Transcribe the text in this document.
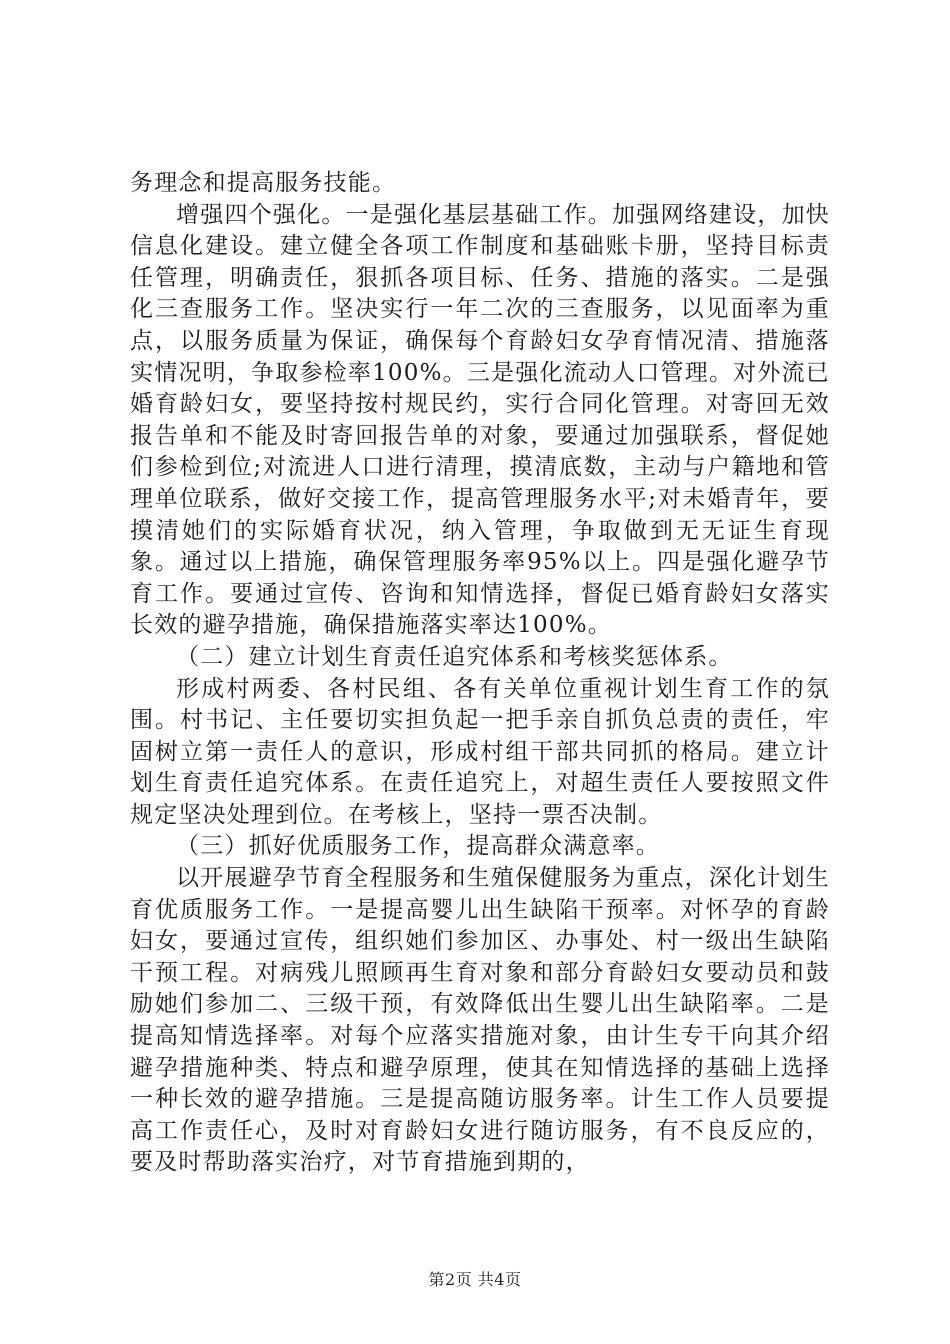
务理念和提高服务技能。

增强四个强化。一是强化基层基础工作。加强网络建设，加快信息化建设。建立健全各项工作制度和基础账卡册，坚持目标责任管理，明确责任，狠抓各项目标、任务、措施的落实。二是强化三查服务工作。坚决实行一年二次的三查服务，以见面率为重点，以服务质量为保证，确保每个育龄妇女孕育情况清、措施落实情况明，争取参检率100%。三是强化流动人口管理。对外流已婚育龄妇女，要坚持按村规民约，实行合同化管理。对寄回无效报告单和不能及时寄回报告单的对象，要通过加强联系，督促她们参检到位;对流进人口进行清理，摸清底数，主动与户籍地和管理单位联系，做好交接工作，提高管理服务水平;对未婚青年，要摸清她们的实际婚育状况，纳入管理，争取做到无无证生育现象。通过以上措施，确保管理服务率95%以上。四是强化避孕节育工作。要通过宣传、咨询和知情选择，督促已婚育龄妇女落实长效的避孕措施，确保措施落实率达100%。

（二）建立计划生育责任追究体系和考核奖惩体系。

形成村两委、各村民组、各有关单位重视计划生育工作的氛围。村书记、主任要切实担负起一把手亲自抓负总责的责任，牢固树立第一责任人的意识，形成村组干部共同抓的格局。建立计划生育责任追究体系。在责任追究上，对超生责任人要按照文件规定坚决处理到位。在考核上，坚持一票否决制。

（三）抓好优质服务工作，提高群众满意率。

以开展避孕节育全程服务和生殖保健服务为重点，深化计划生育优质服务工作。一是提高婴儿出生缺陷干预率。对怀孕的育龄妇女，要通过宣传，组织她们参加区、办事处、村一级出生缺陷干预工程。对病残儿照顾再生育对象和部分育龄妇女要动员和鼓励她们参加二、三级干预，有效降低出生婴儿出生缺陷率。二是提高知情选择率。对每个应落实措施对象，由计生专干向其介绍避孕措施种类、特点和避孕原理，使其在知情选择的基础上选择一种长效的避孕措施。三是提高随访服务率。计生工作人员要提高工作责任心，及时对育龄妇女进行随访服务，有不良反应的，要及时帮助落实治疗，对节育措施到期的，

第2页 共4页
